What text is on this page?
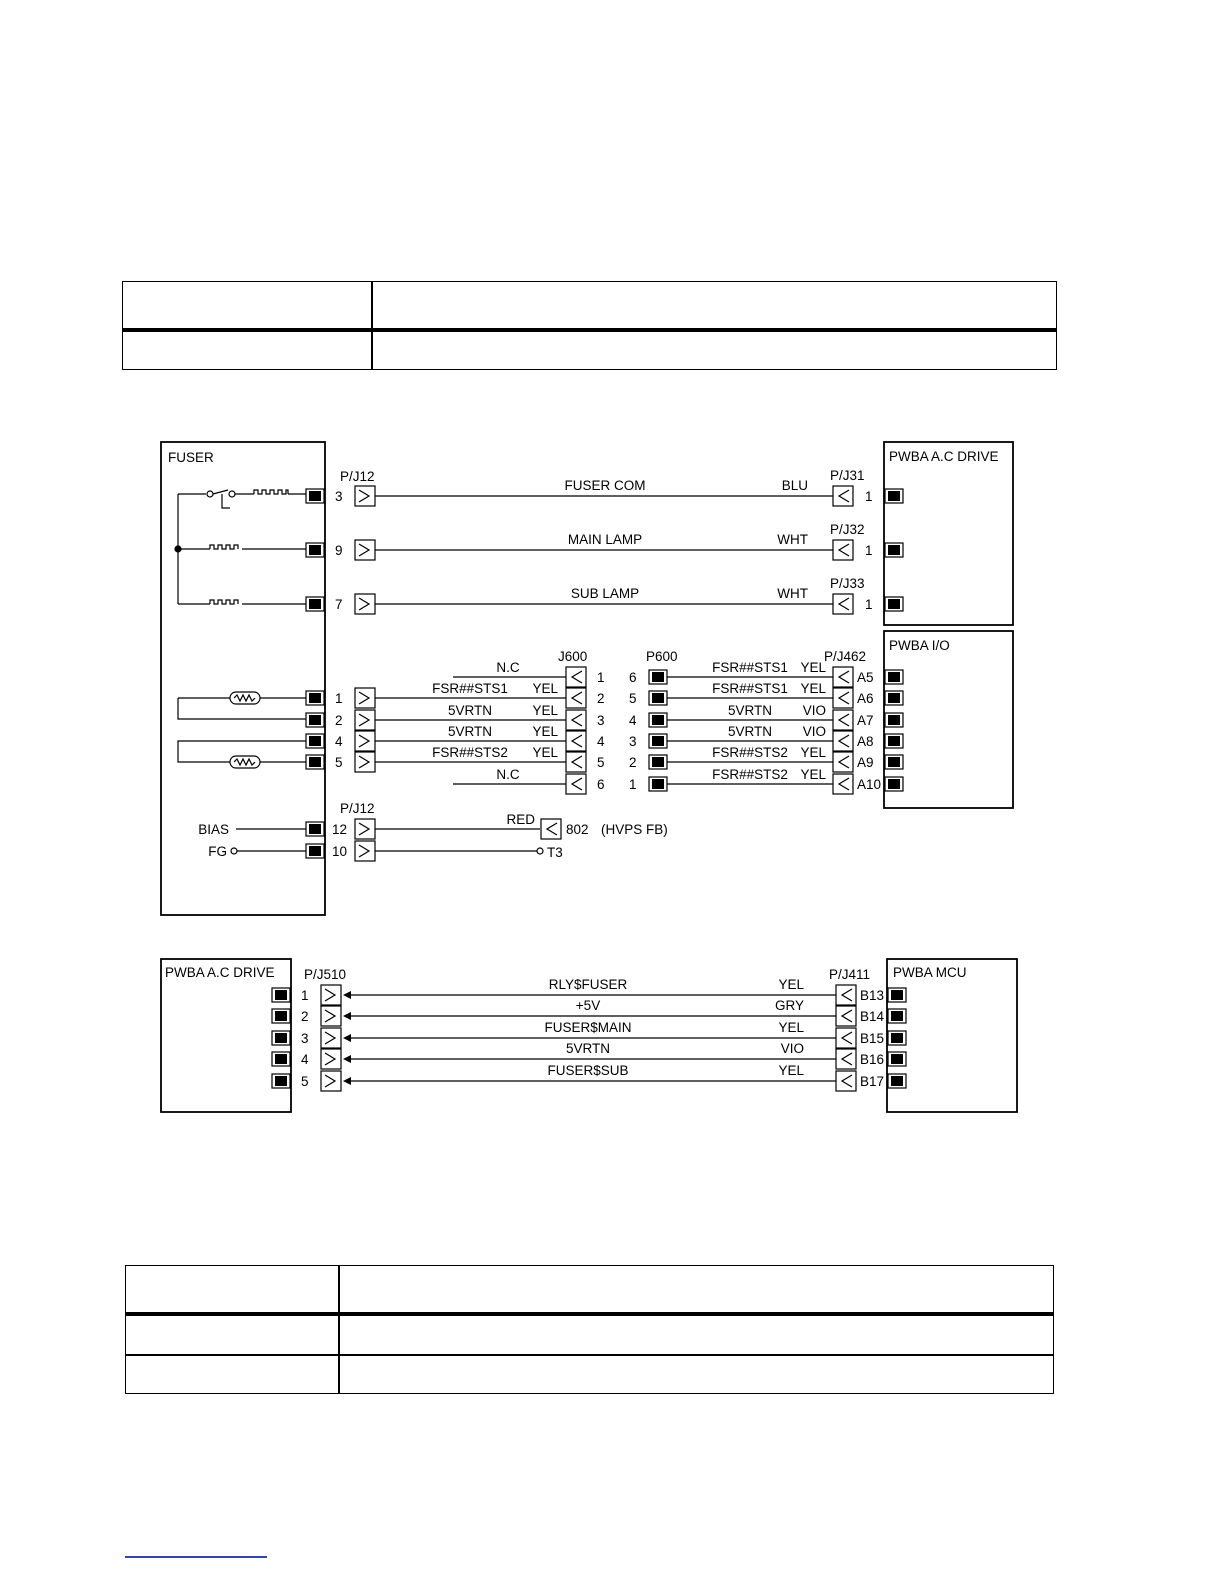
FUSER	PWBA A.C DRIVE
PWBA I/O
PWBA A.C DRIVE	PWBA MCU
3
FUSER COM	BLU
P/J31
1
9
MAIN LAMP	WHT
P/J32
1
7
SUB LAMP	WHT
P/J33
1
P/J12
J600	P600	P/J462
N.C
1 6
FSR##STS1 YEL
A5
1
FSR##STS1 YEL
2 5
FSR##STS1 YEL
A6
2
5VRTN	YEL
3 4
5VRTN VIO
A7
4
5VRTN	YEL
4 3
5VRTN VIO
A8
5
FSR##STS2 YEL
5 2
FSR##STS2 YEL
A9
N.C
6 1
FSR##STS2 YEL
A10
P/J12
BIAS	12
RED
802 (HVPS FB)
FG	10	T3
P/J510	P/J411
1
RLY$FUSER	YEL
B13
2
+5V	GRY
B14
3
FUSER$MAIN	YEL
B15
4
5VRTN	VIO
B16
5
FUSER$SUB	YEL
B17
